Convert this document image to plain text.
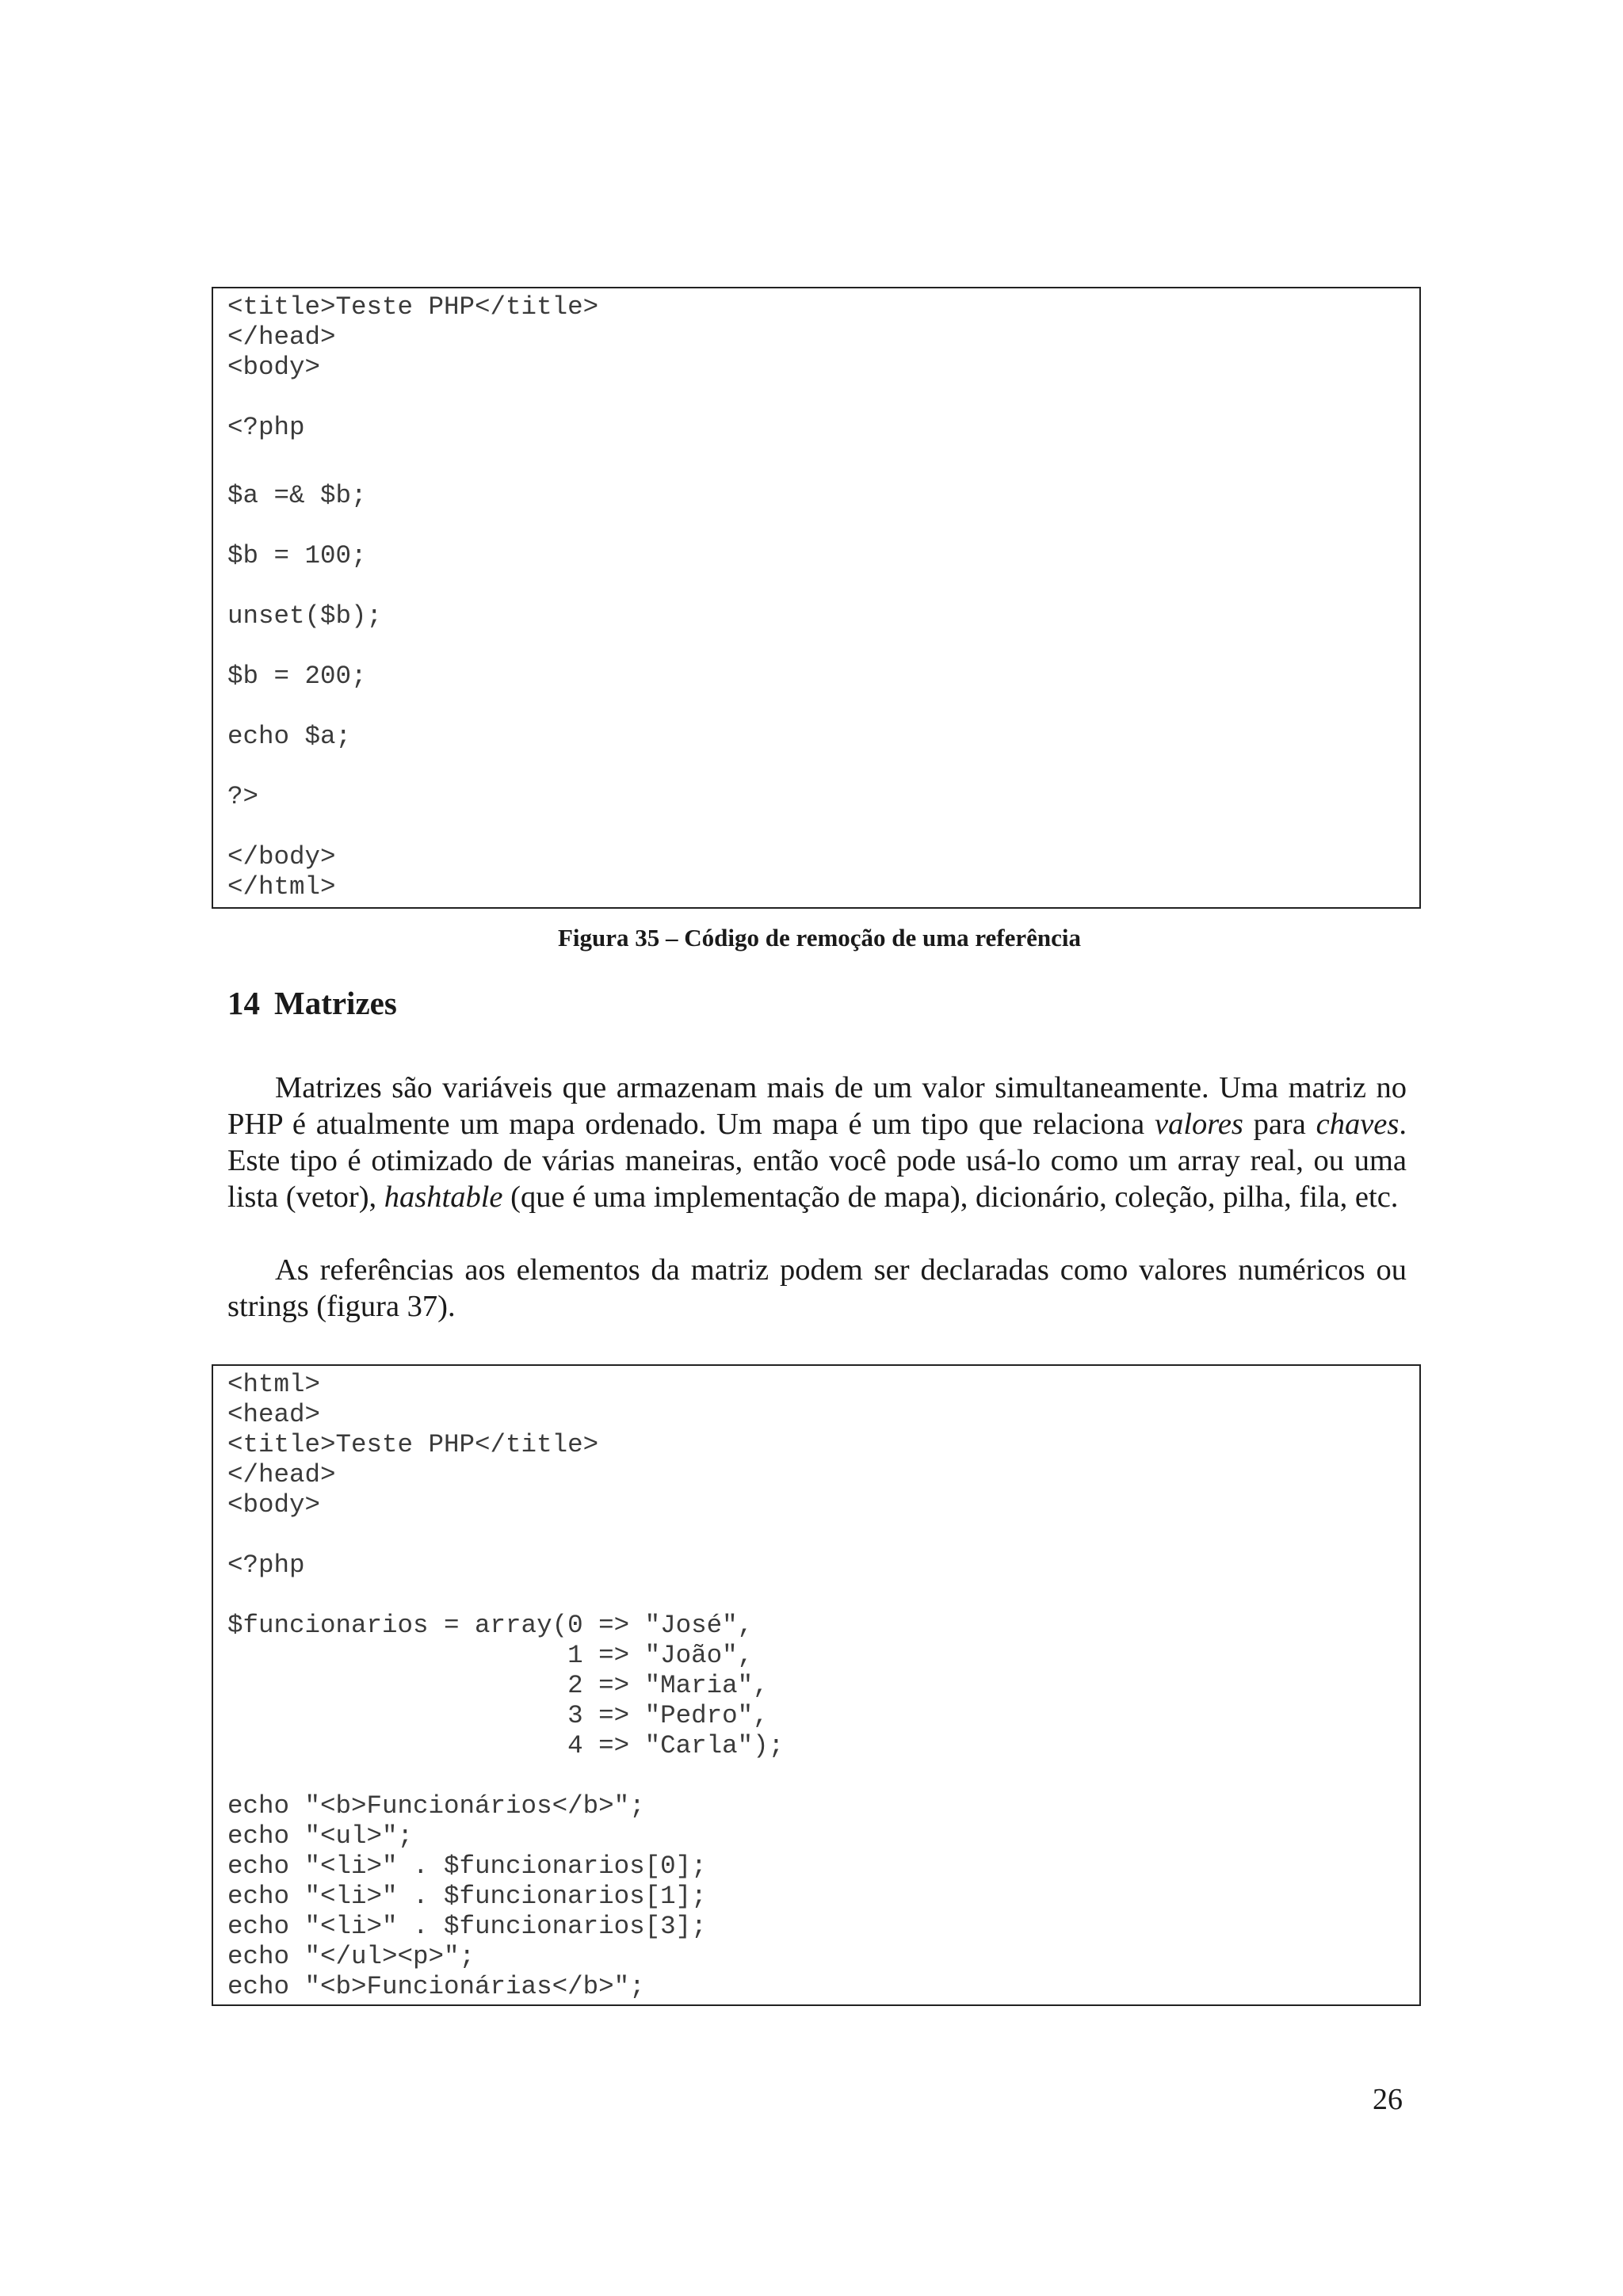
<title>Teste PHP</title>
</head>
<body>
<?php
$a =& $b;
$b = 100;
unset($b);
$b = 200;
echo $a;
?>
</body>
</html>
Figura 35 – Código de remoção de uma referência
14 Matrizes

Matrizes são variáveis que armazenam mais de um valor simultaneamente. Uma matriz no PHP é atualmente um mapa ordenado. Um mapa é um tipo que relaciona valores para chaves. Este tipo é otimizado de várias maneiras, então você pode usá-lo como um array real, ou uma lista (vetor), hashtable (que é uma implementação de mapa), dicionário, coleção, pilha, fila, etc.

As referências aos elementos da matriz podem ser declaradas como valores numéricos ou strings (figura 37).

<html>
<head>
<title>Teste PHP</title>
</head>
<body>
<?php
$funcionarios = array(0 => "José",
1 => "João",
2 => "Maria",
3 => "Pedro",
4 => "Carla");
echo "<b>Funcionários</b>";
echo "<ul>";
echo "<li>" . $funcionarios[0];
echo "<li>" . $funcionarios[1];
echo "<li>" . $funcionarios[3];
echo "</ul><p>";
echo "<b>Funcionárias</b>";
26
